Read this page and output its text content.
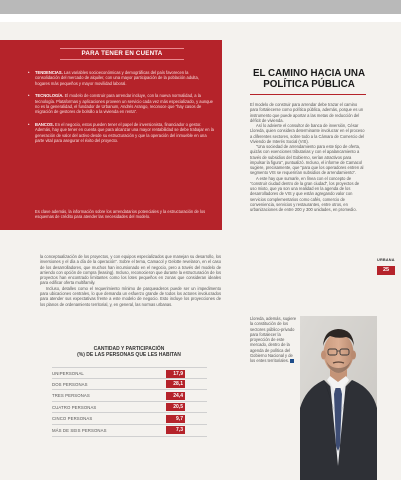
PARA TENER EN CUENTA
• TENDENCIAS. Las variables socioeconómicas y demográficas del país favorecen la consolidación del mercado de alquiler, con una mayor participación de la población adulta, hogares más pequeños y mayor movilidad laboral.
• TECNOLOGÍA. El modelo de construir para arrendar incluye, con la nueva normalidad, a la tecnología. Plataformas y aplicaciones proveen un servicio cada vez más especializado, y aunque no es la generalidad, el fundador de Urbanum, Andrés Arango, reconoce que "hay casos de migración de gestores de bolsillo a la vivienda en renta".
• BANCOS. En el negocio, estos pueden tener el papel de inversionista, financiador o gestor. Además, hay que tener en cuenta que para alcanzar una mayor rentabilidad se debe trabajar en la generación de valor del activo desde su estructuración y que la operación del inmueble en una parte vital para asegurar el éxito del proyecto.
Es clave además, la información sobre los arrendatarios potenciales y la estructuración de los esquemas de crédito para atender las necesidades del modelo.

la conceptualización de los proyectos, y con equipos especializados que manejan su desarrollo, los inversiones y el día a día de la operación". Sobre el tema, Camacol y Gelotte revelaron, en el caso de los desarrolladores, que muchos han incursionado en el negocio, pero a través del modelo de arriendo con opción de compra (leasing). Incluso, reconocieron que durante la estructuración de los proyectos han encontrado limitantes como los lotes pequeños en zonas que consideran ideales para edificar oferta multifamily.

Incluso, detalles como el requerimiento mínimo de parqueaderos puede ser un impedimento para ubicaciones centrales, lo que demanda un esfuerzo grande de todos los actores involucrados para atender sus expectativas frente a este modelo de negocio. Esto incluye los proyecciones de los planos de ordenamiento territorial, y, en general, las normas urbanas.

CANTIDAD Y PARTICIPACIÓN
(%) DE LAS PERSONAS QUE LES HABITAN
UNIPERSONAL	17,9
DOS PERSONAS	28,1
TRES PERSONAS	24,4
CUATRO PERSONAS	20,5
CINCO PERSONAS	9,7
MÁS DE SEIS PERSONAS	7,3
EL CAMINO HACIA UNA POLÍTICA PÚBLICA

El modelo de construir para arrendar debe trazar el camino para fortalecerse como política pública, además, porque es un instrumento que puede aportar a las metas de reducción del déficit de vivienda.

Así lo advierte el consultor de banca de inversión, César Lloreda, quien considera determinante involucrar en el proceso a diferentes sectores, sobre todo a la Cámara de Comercio del Viviendo de Interés Social (VIS).

"Una sociedad de arrendamiento para este tipo de oferta, quizás con exenciones tributarias y con el apalancamiento a través de subsidios del Gobierno, serían atractivos para impulsar la figura", puntualizó. Incluso, el informe de Camacol sugiere, precisamente, que "para que los operadores entren al segmento VIS se requerirían subsidios de arrendamiento".

A este hay que sumarle, en línea con el concepto de "construir ciudad dentro de la gran ciudad", los proyectos de uso mixto, que ya son una realidad en la agenda de los desarrolladores de VIS y que están agregando valor con servicios complementarios como cafés, comercio de conveniencia, servicios y restaurantes, entre otros, en urbanizaciones de entre 200 y 300 unidades, en promedio.

Lloreda, además, sugiere la constitución de los sectores público-privado para fortalecer la proyección de este mercado, dentro de la agenda de política del Gobierno Nacional y de los entes territoriales.
URBANA
25
